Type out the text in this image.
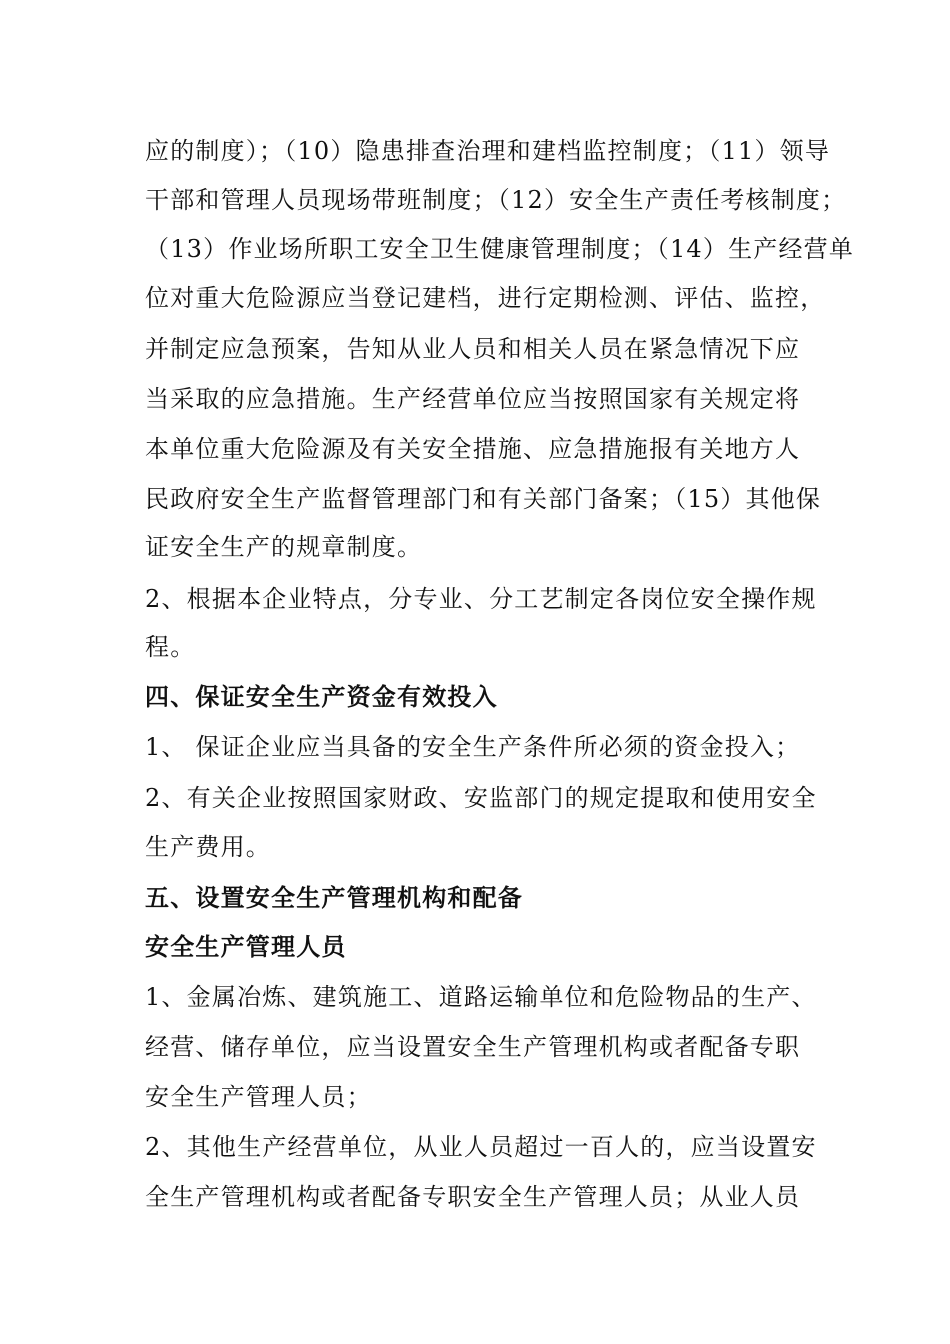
应的制度）；（10）隐患排查治理和建档监控制度；（11）领导
干部和管理人员现场带班制度；（12）安全生产责任考核制度；
（13）作业场所职工安全卫生健康管理制度；（14）生产经营单
位对重大危险源应当登记建档，进行定期检测、评估、监控，
并制定应急预案，告知从业人员和相关人员在紧急情况下应
当采取的应急措施。生产经营单位应当按照国家有关规定将
本单位重大危险源及有关安全措施、应急措施报有关地方人
民政府安全生产监督管理部门和有关部门备案；（15）其他保
证安全生产的规章制度。
2、根据本企业特点，分专业、分工艺制定各岗位安全操作规
程。
四、保证安全生产资金有效投入
1、 保证企业应当具备的安全生产条件所必须的资金投入；
2、有关企业按照国家财政、安监部门的规定提取和使用安全
生产费用。
五、设置安全生产管理机构和配备
安全生产管理人员
1、金属冶炼、建筑施工、道路运输单位和危险物品的生产、
经营、储存单位，应当设置安全生产管理机构或者配备专职
安全生产管理人员；
2、其他生产经营单位，从业人员超过一百人的，应当设置安
全生产管理机构或者配备专职安全生产管理人员；从业人员
